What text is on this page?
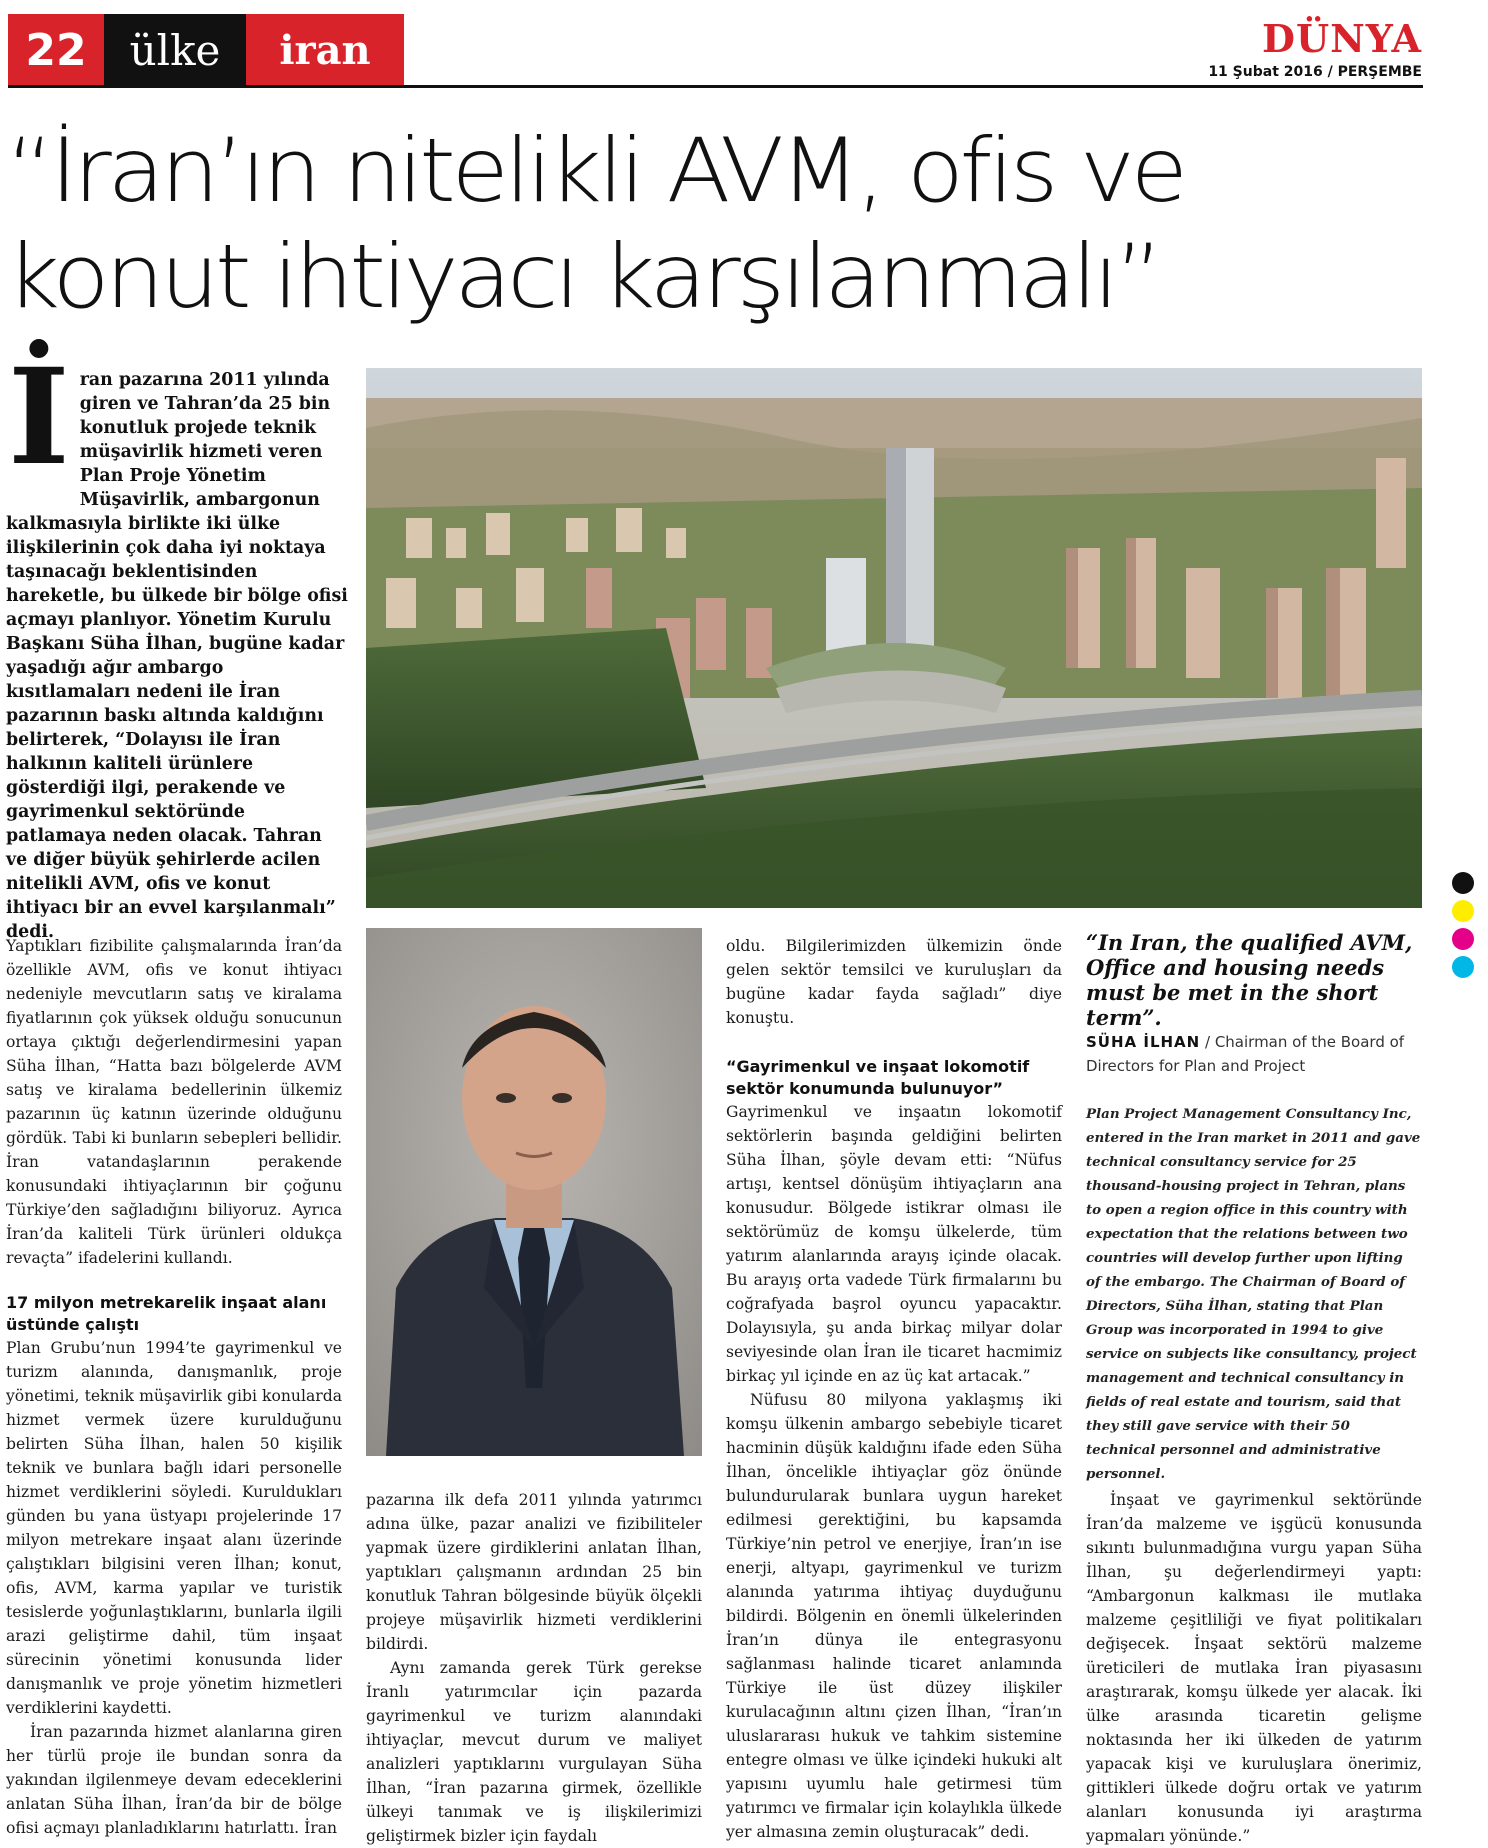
22	ülke	iran	DÜNYA
11 Şubat 2016 / PERŞEMBE
“İran’ın nitelikli AVM, ofis ve
konut ihtiyacı karşılanmalı”
İ ran pazarına 2011 yılında giren ve Tahran’da 25 bin konutluk projede teknik müşavirlik hizmeti veren Plan Proje Yönetim Müşavirlik, ambargonun kalkmasıyla birlikte iki ülke ilişkilerinin çok daha iyi noktaya taşınacağı beklentisinden hareketle, bu ülkede bir bölge ofisi açmayı planlıyor. Yönetim Kurulu Başkanı Süha İlhan, bugüne kadar yaşadığı ağır ambargo kısıtlamaları nedeni ile İran pazarının baskı altında kaldığını belirterek, “Dolayısı ile İran halkının kaliteli ürünlere gösterdiği ilgi, perakende ve gayrimenkul sektöründe patlamaya neden olacak. Tahran ve diğer büyük şehirlerde acilen nitelikli AVM, ofis ve konut ihtiyacı bir an evvel karşılanmalı” dedi.

Yaptıkları fizibilite çalışmalarında İran’da özellikle AVM, ofis ve konut ihtiyacı nedeniyle mevcutların satış ve kiralama fiyatlarının çok yüksek olduğu sonucunun ortaya çıktığı değerlendirmesini yapan Süha İlhan, “Hatta bazı bölgelerde AVM satış ve kiralama bedellerinin ülkemiz pazarının üç katının üzerinde olduğunu gördük. Tabi ki bunların sebepleri bellidir. İran vatandaşlarının perakende konusundaki ihtiyaçlarının bir çoğunu Türkiye’den sağladığını biliyoruz. Ayrıca İran’da kaliteli Türk ürünleri oldukça revaçta” ifadelerini kullandı.

17 milyon metrekarelik inşaat alanı üstünde çalıştı

Plan Grubu’nun 1994’te gayrimenkul ve turizm alanında, danışmanlık, proje yönetimi, teknik müşavirlik gibi konularda hizmet vermek üzere kurulduğunu belirten Süha İlhan, halen 50 kişilik teknik ve bunlara bağlı idari personelle hizmet verdiklerini söyledi. Kuruldukları günden bu yana üstyapı projelerinde 17 milyon metrekare inşaat alanı üzerinde çalıştıkları bilgisini veren İlhan; konut, ofis, AVM, karma yapılar ve turistik tesislerde yoğunlaştıklarını, bunlarla ilgili arazi geliştirme dahil, tüm inşaat sürecinin yönetimi konusunda lider danışmanlık ve proje yönetim hizmetleri verdiklerini kaydetti.

İran pazarında hizmet alanlarına giren her türlü proje ile bundan sonra da yakından ilgilenmeye devam edeceklerini anlatan Süha İlhan, İran’da bir de bölge ofisi açmayı planladıklarını hatırlattı. İran

pazarına ilk defa 2011 yılında yatırımcı adına ülke, pazar analizi ve fizibiliteler yapmak üzere girdiklerini anlatan İlhan, yaptıkları çalışmanın ardından 25 bin konutluk Tahran bölgesinde büyük ölçekli projeye müşavirlik hizmeti verdiklerini bildirdi.

Aynı zamanda gerek Türk gerekse İranlı yatırımcılar için pazarda gayrimenkul ve turizm alanındaki ihtiyaçlar, mevcut durum ve maliyet analizleri yaptıklarını vurgulayan Süha İlhan, “İran pazarına girmek, özellikle ülkeyi tanımak ve iş ilişkilerimizi geliştirmek bizler için faydalı

oldu. Bilgilerimizden ülkemizin önde gelen sektör temsilci ve kuruluşları da bugüne kadar fayda sağladı” diye konuştu.

“Gayrimenkul ve inşaat lokomotif sektör konumunda bulunuyor”

Gayrimenkul ve inşaatın lokomotif sektörlerin başında geldiğini belirten Süha İlhan, şöyle devam etti: “Nüfus artışı, kentsel dönüşüm ihtiyaçların ana konusudur. Bölgede istikrar olması ile sektörümüz de komşu ülkelerde, tüm yatırım alanlarında arayış içinde olacak. Bu arayış orta vadede Türk firmalarını bu coğrafyada başrol oyuncu yapacaktır. Dolayısıyla, şu anda birkaç milyar dolar seviyesinde olan İran ile ticaret hacmimiz birkaç yıl içinde en az üç kat artacak.”

Nüfusu 80 milyona yaklaşmış iki komşu ülkenin ambargo sebebiyle ticaret hacminin düşük kaldığını ifade eden Süha İlhan, öncelikle ihtiyaçlar göz önünde bulundurularak bunlara uygun hareket edilmesi gerektiğini, bu kapsamda Türkiye’nin petrol ve enerjiye, İran’ın ise enerji, altyapı, gayrimenkul ve turizm alanında yatırıma ihtiyaç duyduğunu bildirdi. Bölgenin en önemli ülkelerinden İran’ın dünya ile entegrasyonu sağlanması halinde ticaret anlamında Türkiye ile üst düzey ilişkiler kurulacağının altını çizen İlhan, “İran’ın uluslararası hukuk ve tahkim sistemine entegre olması ve ülke içindeki hukuki alt yapısını uyumlu hale getirmesi tüm yatırımcı ve firmalar için kolaylıkla ülkede yer almasına zemin oluşturacak” dedi.

“In Iran, the qualified AVM, Office and housing needs must be met in the short term”.

SÜHA İLHAN / Chairman of the Board of Directors for Plan and Project

Plan Project Management Consultancy Inc, entered in the Iran market in 2011 and gave technical consultancy service for 25 thousand-housing project in Tehran, plans to open a region office in this country with expectation that the relations between two countries will develop further upon lifting of the embargo. The Chairman of Board of Directors, Süha İlhan, stating that Plan Group was incorporated in 1994 to give service on subjects like consultancy, project management and technical consultancy in fields of real estate and tourism, said that they still gave service with their 50 technical personnel and administrative personnel.

İnşaat ve gayrimenkul sektöründe İran’da malzeme ve işgücü konusunda sıkıntı bulunmadığına vurgu yapan Süha İlhan, şu değerlendirmeyi yaptı: “Ambargonun kalkması ile mutlaka malzeme çeşitliliği ve fiyat politikaları değişecek. İnşaat sektörü malzeme üreticileri de mutlaka İran piyasasını araştırarak, komşu ülkede yer alacak. İki ülke arasında ticaretin gelişme noktasında her iki ülkeden de yatırım yapacak kişi ve kuruluşlara önerimiz, gittikleri ülkede doğru ortak ve yatırım alanları konusunda iyi araştırma yapmaları yönünde.”
